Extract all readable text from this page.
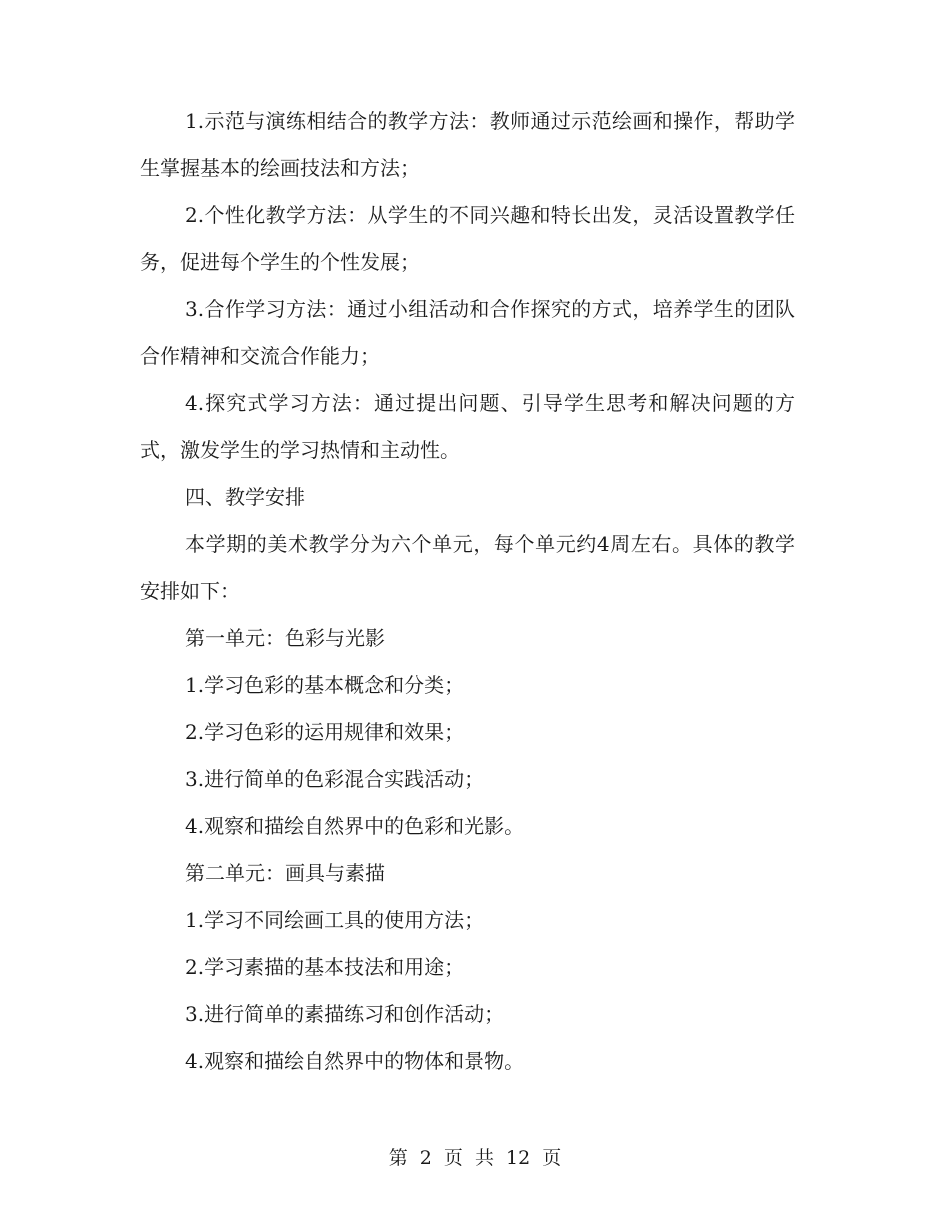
1.示范与演练相结合的教学方法：教师通过示范绘画和操作，帮助学生掌握基本的绘画技法和方法；

2.个性化教学方法：从学生的不同兴趣和特长出发，灵活设置教学任务，促进每个学生的个性发展；

3.合作学习方法：通过小组活动和合作探究的方式，培养学生的团队合作精神和交流合作能力；

4.探究式学习方法：通过提出问题、引导学生思考和解决问题的方式，激发学生的学习热情和主动性。

四、教学安排

本学期的美术教学分为六个单元，每个单元约4周左右。具体的教学安排如下：

第一单元：色彩与光影

1.学习色彩的基本概念和分类；

2.学习色彩的运用规律和效果；

3.进行简单的色彩混合实践活动；

4.观察和描绘自然界中的色彩和光影。

第二单元：画具与素描

1.学习不同绘画工具的使用方法；

2.学习素描的基本技法和用途；

3.进行简单的素描练习和创作活动；

4.观察和描绘自然界中的物体和景物。

第 2 页 共 12 页
